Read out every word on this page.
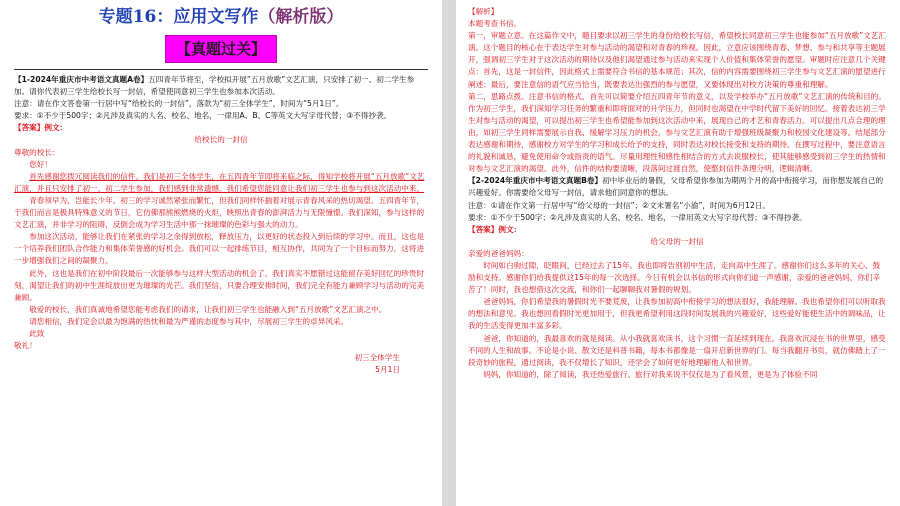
专题16：应用文写作（解析版）
【真题过关】

【1-2024年重庆市中考语文真题A卷】五四青年节将至，学校拟开展“五月放歌”文艺汇演，只安排了初一、初二学生参加。请你代表初三学生给校长写一封信，希望使同意初三学生也参加本次活动。

注意：请在作文答卷第一行居中写“给校长的一封信”，落款为“初三全体学生”，时间为“5月1日”。

要求：①不少于500字；②凡涉及真实的人名、校名、地名，一律用A、B、C等英文大写字母代替；③不得抄袭。

【答案】例文：

给校长的一封信

尊敬的校长：

您好！

首先感谢您拨冗阅读我们的信件。我们是初三全体学生，在五四青年节即将来临之际，得知学校将开展“五月放歌”文艺汇演，并且只安排了初一、初二学生参加，我们感到非常遗憾。我们希望您能同意让我们初三学生也参与到这次活动中来。

青春须早为，岂能长少年。初三的学习诚然紧张而繁忙，但我们同样怀揣着对展示青春风采的热切渴望。五四青年节，于我们而言是极具特殊意义的节日，它仿佛那熊熊燃烧的火炬，映照出青春的澎湃活力与无限憧憬。我们深知，参与这样的文艺汇演，并非学习的阻碍，反倒会成为学习生活中那一抹璀璨的色彩与强大的动力。

参加这次活动，能够让我们在紧张的学习之余得到放松，释放压力，以更好的状态投入到后续的学习中。而且，这也是一个培养我们团队合作能力和集体荣誉感的好机会。我们可以一起排练节目，相互协作，共同为了一个目标而努力，这将进一步增强我们之间的凝聚力。

此外，这也是我们在初中阶段最后一次能够参与这样大型活动的机会了。我们真实不愿错过这能留存美好回忆的珍贵时刻，渴望让我们的初中生涯绽放出更为璀璨的光芒。我们坚信，只要合理安排时间，我们完全有能力兼顾学习与活动的完美兼顾。

敬爱的校长，我们真诚地希望您能考虑我们的请求，让我们初三学生也能融入到“五月放歌”文艺汇演之中。

请您相信，我们定会以最为饱满的热忱和最为严谨的态度参与其中，尽展初三学生的卓异风采。

此致

敬礼！

初三全体学生

5月1日

【解析】

本题考查书信。

第一，审题立意。在这篇作文中，题目要求以初三学生的身份给校长写信，希望校长同意初三学生也能参加“五月放歌”文艺汇演。这个题目的核心在于表达学生对参与活动的渴望和对青春的珍视。因此，立意应该围绕青春、梦想、参与和共享等主题展开，强调初三学生对于这次活动的期待以及他们渴望通过参与活动来实现个人价值和集体荣誉的愿望。审题时应注意几个关键点：首先，这是一封信件，因此格式上需要符合书信的基本规范；其次，信的内容需要围绕初三学生参与文艺汇演的愿望进行阐述；最后，要注意信的语气应当恰当，既要表达出强烈的参与愿望，又要体现出对校方决策的尊重和理解。

第二，思路点拨。注意书信的格式，首先可以简要介绍五四青年节的意义，以及学校举办“五月放歌”文艺汇演的传统和目的。作为初三学生，我们深知学习任务的繁重和即将面对的升学压力，但同时也渴望在中学时代留下美好的回忆。接着表达初三学生对参与活动的渴望，可以提出初三学生也希望能参加到这次活动中来，展现自己的才艺和青春活力。可以提出几点合理的理由，如初三学生同样需要展示自我、缓解学习压力的机会，参与文艺汇演有助于增强班级凝聚力和校园文化建设等。结尾部分表达感谢和期待，感谢校方对学生的学习和成长给予的支持，同时表达对校长接受和支持的期待。在撰写过程中，要注意语言的礼貌和诚恳，避免使用命令或指责的语气。尽量用理性和感性相结合的方式去说服校长，使其能够感受到初三学生的热情和对参与文艺汇演的渴望。此外，信件的结构要清晰，段落间过渡自然，使整封信件条理分明，逻辑清晰。

【2-2024年重庆市中考语文真题B卷】初中毕业后的暑假，父母希望你参加为期两个月的高中衔接学习，而你想发展自己的兴趣爱好。你需要给父母写一封信，请求他们同意你的想法。

注意：①请在作文第一行居中写“给父母的一封信”；②文末署名“小渝”，时间为6月12日。

要求：①不少于500字；②凡涉及真实的人名、校名、地名，一律用英文大写字母代替；③不得抄袭。

【答案】例文：

给父母的一封信

亲爱的爸爸妈妈：

时间如白驹过隙，眨眼间，已经过去了15年。我也即将告别初中生活，走向高中生涯了。感谢你们这么多年的关心、鼓励和支持。感谢你们给我提供这15年的每一次选择。今日有机会以书信的形式向你们道一声感谢，亲爱的爸爸妈妈，你们辛苦了！同时，我也想借这次交流，和你们一起聊聊我对暑假的规划。

爸爸妈妈，你们希望我的暑假时光不要荒废，让我参加初高中衔接学习的想法很好，我能理解。我也希望你们可以听取我的想法和意见。我也想回看假时光更加用于，但我更希望利用这段时间发展我的兴趣爱好，这些爱好能使生活中的调味品，让我的生活变得更加丰富多彩。

爸爸，你知道的，我最喜欢的就是阅读。从小我就喜欢读书，这个习惯一直延续到现在。我喜欢沉浸在书的世界里，感受不同的人生和故事。不论是小说、散文还是科普书籍，每本书都像是一扇开启新世界的门。每当我翻开书页，就仿佛踏上了一段奇妙的旅程。通过阅读，我不仅增长了知识，还学会了如何更好地理解他人和世界。

妈妈，你知道的，除了阅读，我还热爱旅行。旅行对我来说不仅仅是为了看风景，更是为了体验不同
